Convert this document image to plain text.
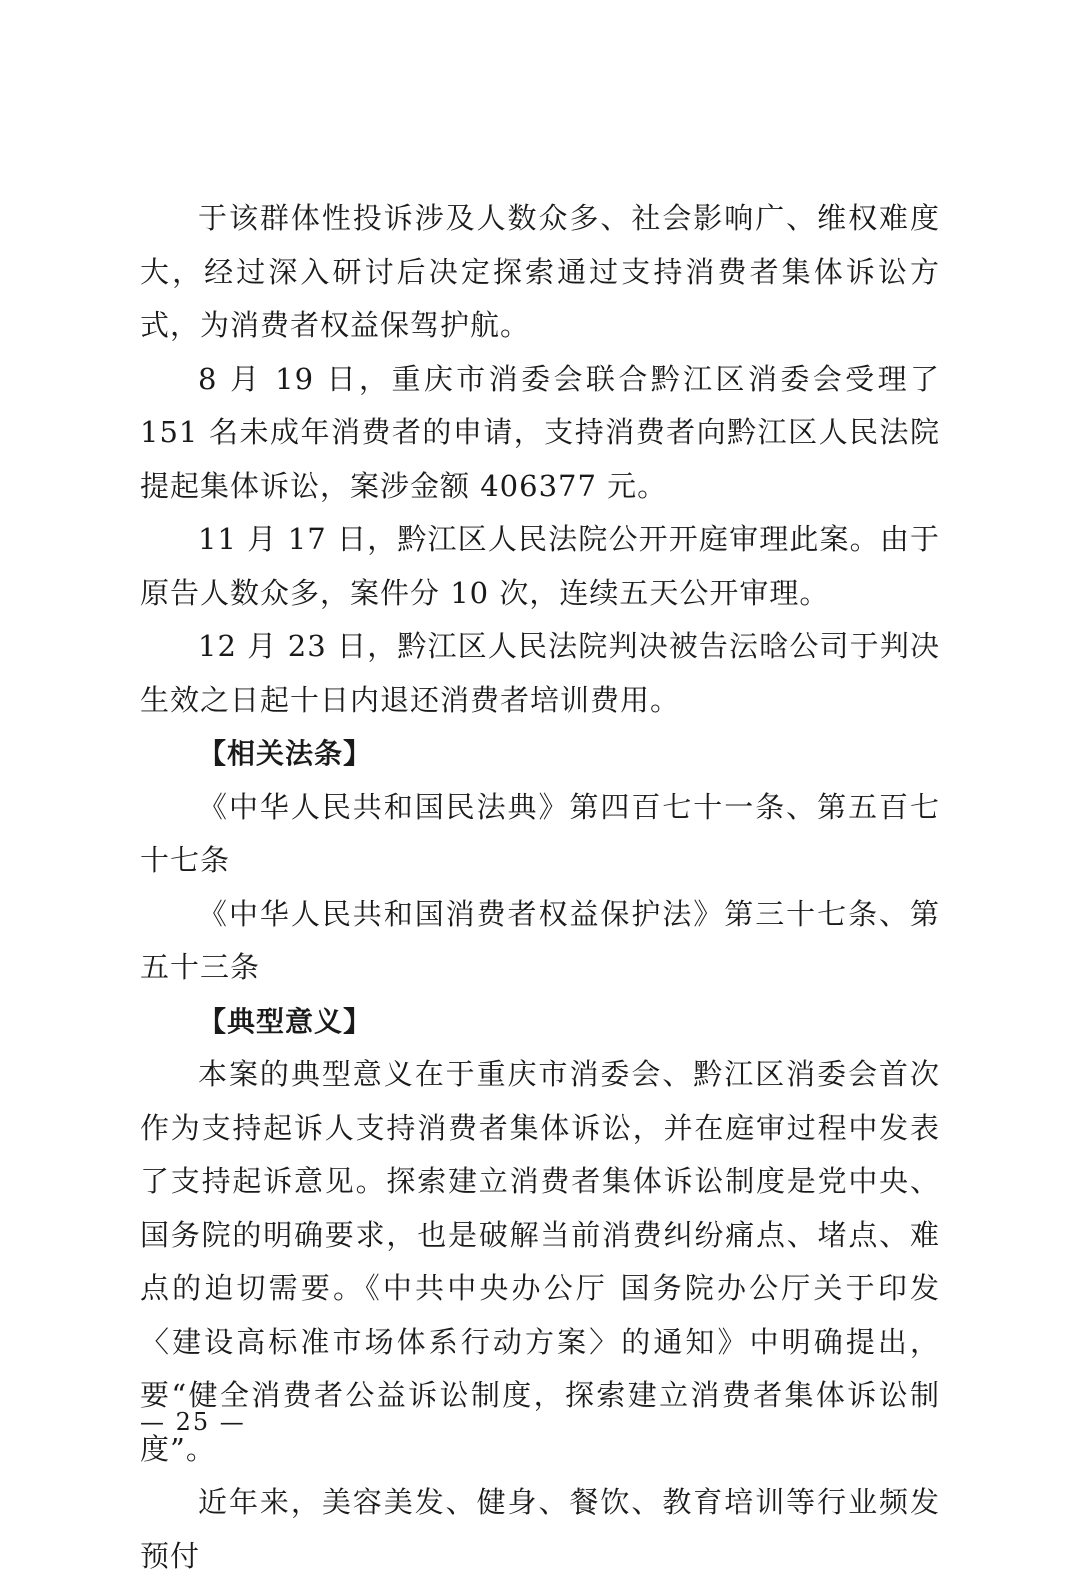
于该群体性投诉涉及人数众多、社会影响广、维权难度大，经过深入研讨后决定探索通过支持消费者集体诉讼方式，为消费者权益保驾护航。

8 月 19 日，重庆市消委会联合黔江区消委会受理了 151 名未成年消费者的申请，支持消费者向黔江区人民法院提起集体诉讼，案涉金额 406377 元。

11 月 17 日，黔江区人民法院公开开庭审理此案。由于原告人数众多，案件分 10 次，连续五天公开审理。

12 月 23 日，黔江区人民法院判决被告沄晗公司于判决生效之日起十日内退还消费者培训费用。

【相关法条】

《中华人民共和国民法典》第四百七十一条、第五百七十七条

《中华人民共和国消费者权益保护法》第三十七条、第五十三条

【典型意义】

本案的典型意义在于重庆市消委会、黔江区消委会首次作为支持起诉人支持消费者集体诉讼，并在庭审过程中发表了支持起诉意见。探索建立消费者集体诉讼制度是党中央、国务院的明确要求，也是破解当前消费纠纷痛点、堵点、难点的迫切需要。《中共中央办公厅 国务院办公厅关于印发〈建设高标准市场体系行动方案〉的通知》中明确提出，要“健全消费者公益诉讼制度，探索建立消费者集体诉讼制度”。

近年来，美容美发、健身、餐饮、教育培训等行业频发预付

— 25 —
